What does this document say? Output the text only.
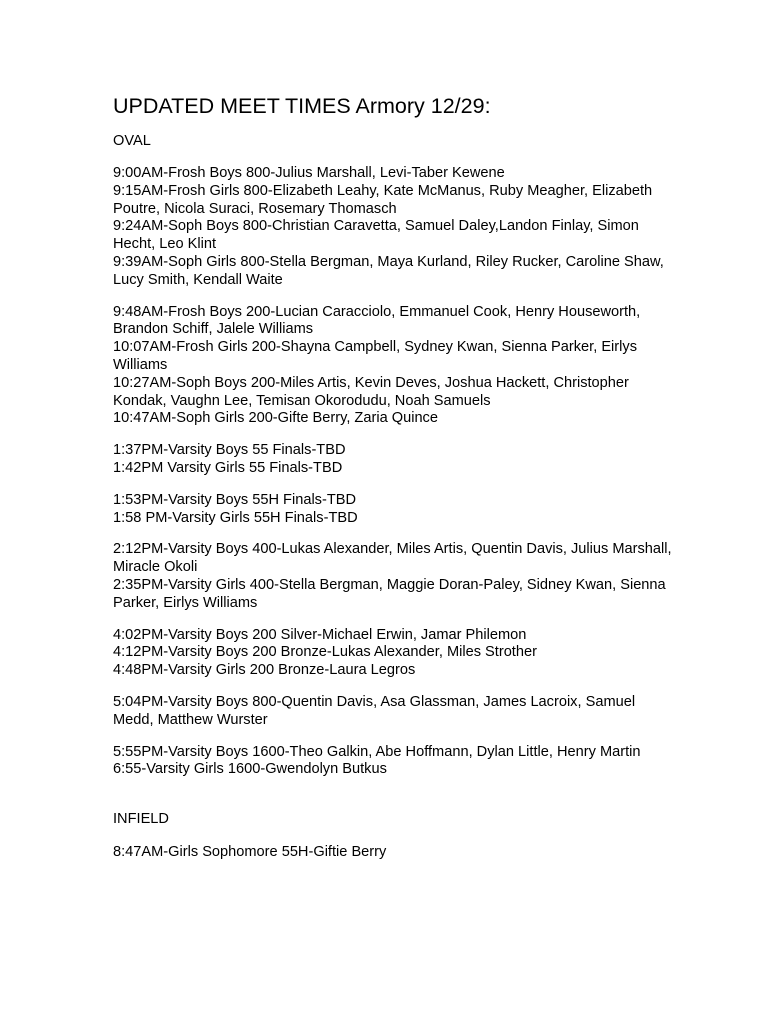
UPDATED MEET TIMES Armory 12/29:

OVAL

9:00AM-Frosh Boys 800-Julius Marshall, Levi-Taber Kewene

9:15AM-Frosh Girls 800-Elizabeth Leahy, Kate McManus, Ruby Meagher, Elizabeth Poutre, Nicola Suraci, Rosemary Thomasch

9:24AM-Soph Boys 800-Christian Caravetta, Samuel Daley,Landon Finlay, Simon Hecht, Leo Klint

9:39AM-Soph Girls 800-Stella Bergman, Maya Kurland, Riley Rucker, Caroline Shaw, Lucy Smith, Kendall Waite

9:48AM-Frosh Boys 200-Lucian Caracciolo, Emmanuel Cook, Henry Houseworth, Brandon Schiff, Jalele Williams

10:07AM-Frosh Girls 200-Shayna Campbell, Sydney Kwan, Sienna Parker, Eirlys Williams

10:27AM-Soph Boys 200-Miles Artis, Kevin Deves, Joshua Hackett, Christopher Kondak, Vaughn Lee, Temisan Okorodudu, Noah Samuels

10:47AM-Soph Girls 200-Gifte Berry, Zaria Quince

1:37PM-Varsity Boys 55 Finals-TBD

1:42PM Varsity Girls 55 Finals-TBD

1:53PM-Varsity Boys 55H Finals-TBD

1:58 PM-Varsity Girls 55H Finals-TBD

2:12PM-Varsity Boys 400-Lukas Alexander, Miles Artis, Quentin Davis, Julius Marshall, Miracle Okoli

2:35PM-Varsity Girls 400-Stella Bergman, Maggie Doran-Paley, Sidney Kwan, Sienna Parker, Eirlys Williams

4:02PM-Varsity Boys 200 Silver-Michael Erwin, Jamar Philemon

4:12PM-Varsity Boys 200 Bronze-Lukas Alexander, Miles Strother

4:48PM-Varsity Girls 200 Bronze-Laura Legros

5:04PM-Varsity Boys 800-Quentin Davis, Asa Glassman, James Lacroix, Samuel Medd, Matthew Wurster

5:55PM-Varsity Boys 1600-Theo Galkin, Abe Hoffmann, Dylan Little, Henry Martin

6:55-Varsity Girls 1600-Gwendolyn Butkus

INFIELD

8:47AM-Girls Sophomore 55H-Giftie Berry
